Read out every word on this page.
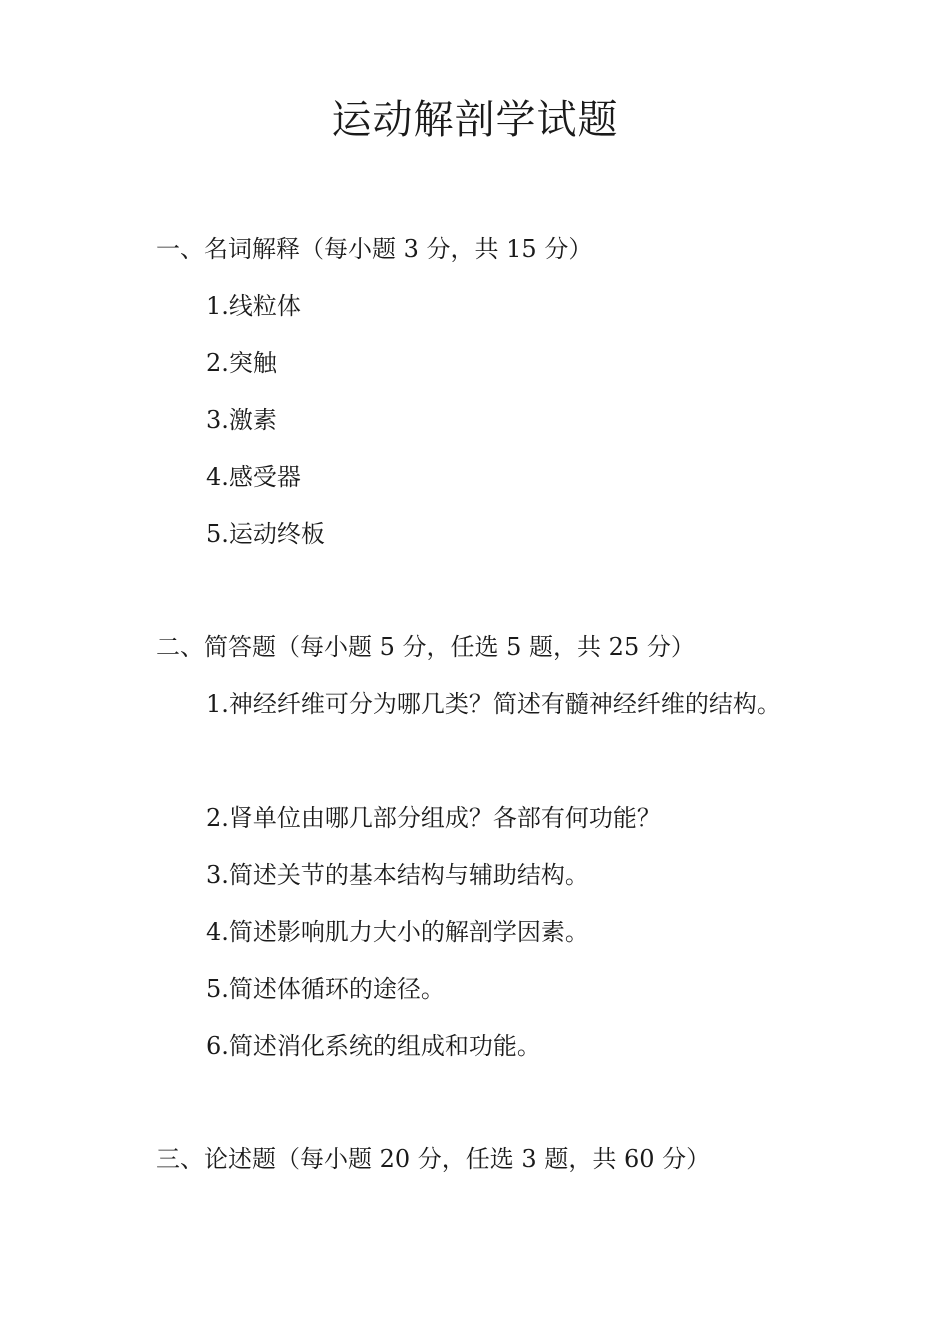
运动解剖学试题
一、名词解释（每小题 3 分，共 15 分）
1.线粒体
2.突触
3.激素
4.感受器
5.运动终板
二、简答题（每小题 5 分，任选 5 题，共 25 分）
1.神经纤维可分为哪几类？简述有髓神经纤维的结构。
2.肾单位由哪几部分组成？各部有何功能？
3.简述关节的基本结构与辅助结构。
4.简述影响肌力大小的解剖学因素。
5.简述体循环的途径。
6.简述消化系统的组成和功能。
三、论述题（每小题 20 分，任选 3 题，共 60 分）
